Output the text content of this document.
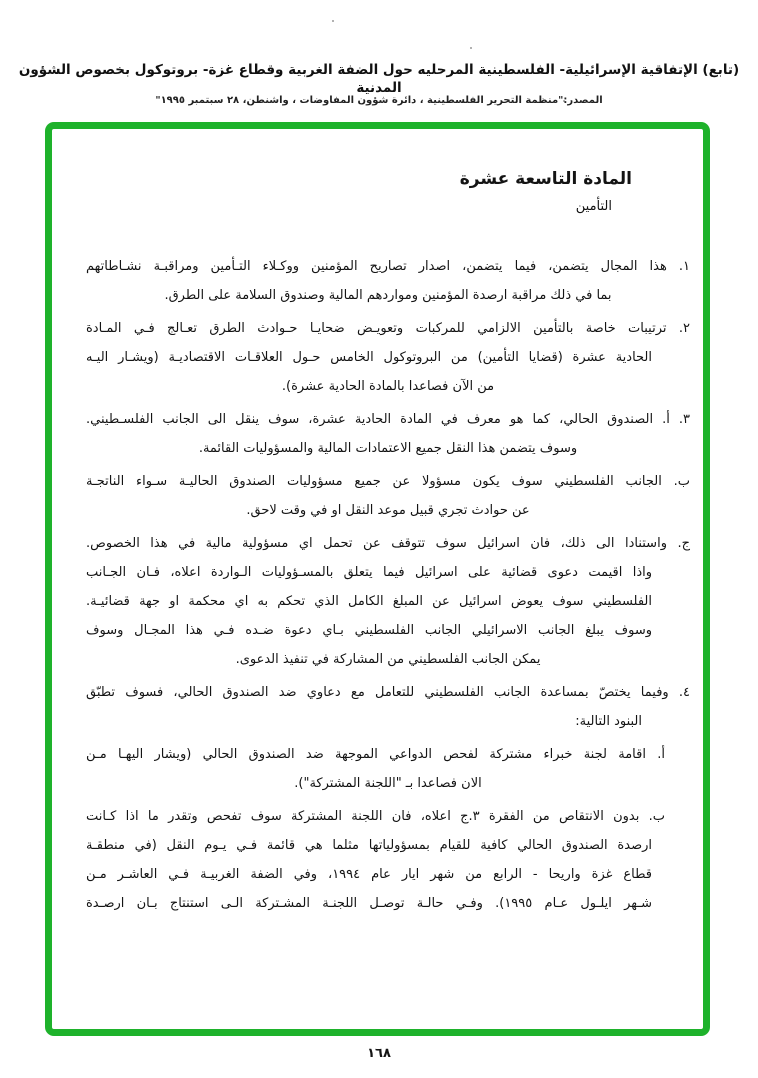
(تابع) الإتفاقية الإسرائيلية- الفلسطينية المرحليه حول الضفة الغربية وقطاع غزة- بروتوكول بخصوص الشؤون المدنية
المصدر:"منظمة التحرير الفلسطينية ، دائرة شؤون المفاوضات ، واشنطن، ٢٨ سبتمبر ١٩٩٥"
المادة التاسعة عشرة
التأمين
١. هذا المجال يتضمن، فيما يتضمن، اصدار تصاريح المؤمنين ووكـلاء التـأمين ومراقبـة نشـاطاتهم
بما في ذلك مراقبة ارصدة المؤمنين ومواردهم المالية وصندوق السلامة على الطرق.
٢. ترتيبات خاصة بالتأمين الالزامي للمركبات وتعويـض ضحايـا حـوادث الطرق تعـالج فـي المـادة
الحادية عشرة (قضايا التأمين) من البروتوكول الخامس حـول العلاقـات الاقتصاديـة (ويشـار اليـه
من الآن فصاعدا بالمادة الحادية عشرة).
٣. أ. الصندوق الحالي، كما هو معرف في المادة الحادية عشرة، سوف ينقل الى الجانب الفلسـطيني.
وسوف يتضمن هذا النقل جميع الاعتمادات المالية والمسؤوليات القائمة.
ب. الجانب الفلسطيني سوف يكون مسؤولا عن جميع مسؤوليات الصندوق الحاليـة سـواء الناتجـة
عن حوادث تجري قبيل موعد النقل او في وقت لاحق.
ج. واستنادا الى ذلك، فان اسرائيل سوف تتوقف عن تحمل اي مسؤولية مالية في هذا الخصوص.
واذا اقيمت دعوى قضائية على اسرائيل فيما يتعلق بالمسـؤوليات الـواردة اعلاه، فـان الجـانب
الفلسطيني سوف يعوض اسرائيل عن المبلغ الكامل الذي تحكم به اي محكمة او جهة قضائيـة.
وسوف يبلغ الجانب الاسرائيلي الجانب الفلسطيني بـاي دعوة ضـده فـي هذا المجـال وسوف
يمكن الجانب الفلسطيني من المشاركة في تنفيذ الدعوى.
٤. وفيما يختصّ بمساعدة الجانب الفلسطيني للتعامل مع دعاوي ضد الصندوق الحالي، فسوف تطبّق
البنود التالية:
أ. اقامة لجنة خبراء مشتركة لفحص الدواعي الموجهة ضد الصندوق الحالي (ويشار اليهـا مـن
الان فصاعدا بـ "اللجنة المشتركة").
ب. بدون الانتقاص من الفقرة ٣.ج اعلاه، فان اللجنة المشتركة سوف تفحص وتقدر ما اذا كـانت
ارصدة الصندوق الحالي كافية للقيام بمسؤولياتها مثلما هي قائمة فـي يـوم النقل (في منطقـة
قطاع غزة واريحا - الرابع من شهر ايار عام ١٩٩٤، وفي الضفة الغربيـة فـي العاشـر مـن
شـهر ايلـول عـام ١٩٩٥). وفـي حالـة توصـل اللجنـة المشـتركة الـى استنتاج بـان ارصـدة
١٦٨
